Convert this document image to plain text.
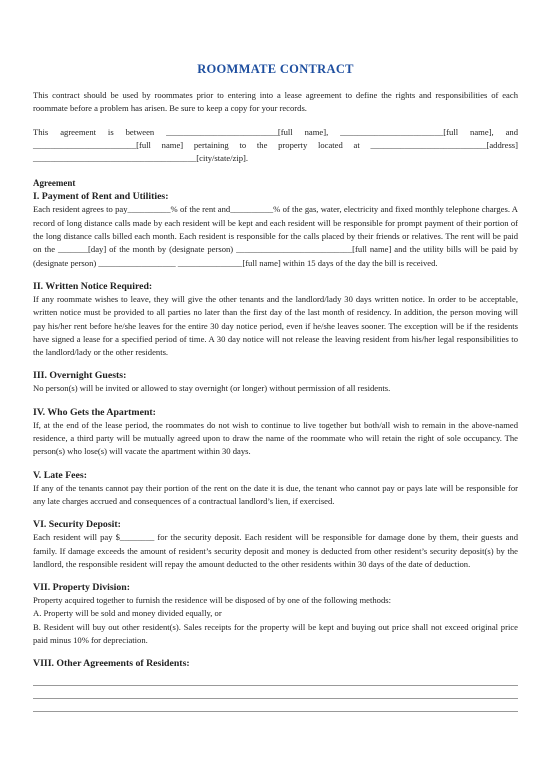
ROOMMATE CONTRACT

This contract should be used by roommates prior to entering into a lease agreement to define the rights and responsibilities of each roommate before a problem has arisen. Be sure to keep a copy for your records.

This agreement is between __________________________[full name], ________________________[full name], and ________________________[full name] pertaining to the property located at ___________________________[address] ______________________________________[city/state/zip].

Agreement
I. Payment of Rent and Utilities:

Each resident agrees to pay__________% of the rent and__________% of the gas, water, electricity and fixed monthly telephone charges. A record of long distance calls made by each resident will be kept and each resident will be responsible for prompt payment of their portion of the long distance calls billed each month. Each resident is responsible for the calls placed by their friends or relatives. The rent will be paid on the _______[day] of the month by (designate person) ___________________________[full name] and the utility bills will be paid by (designate person) __________________ _______________[full name] within 15 days of the day the bill is received.

II. Written Notice Required:

If any roommate wishes to leave, they will give the other tenants and the landlord/lady 30 days written notice. In order to be acceptable, written notice must be provided to all parties no later than the first day of the last month of residency. In addition, the person moving will pay his/her rent before he/she leaves for the entire 30 day notice period, even if he/she leaves sooner. The exception will be if the residents have signed a lease for a specified period of time. A 30 day notice will not release the leaving resident from his/her legal responsibilities to the landlord/lady or the other residents.

III. Overnight Guests:

No person(s) will be invited or allowed to stay overnight (or longer) without permission of all residents.

IV. Who Gets the Apartment:

If, at the end of the lease period, the roommates do not wish to continue to live together but both/all wish to remain in the above-named residence, a third party will be mutually agreed upon to draw the name of the roommate who will retain the right of sole occupancy. The person(s) who lose(s) will vacate the apartment within 30 days.

V. Late Fees:

If any of the tenants cannot pay their portion of the rent on the date it is due, the tenant who cannot pay or pays late will be responsible for any late charges accrued and consequences of a contractual landlord’s lien, if exercised.

VI. Security Deposit:

Each resident will pay $________ for the security deposit. Each resident will be responsible for damage done by them, their guests and family. If damage exceeds the amount of resident’s security deposit and money is deducted from other resident’s security deposit(s) by the landlord, the responsible resident will repay the amount deducted to the other residents within 30 days of the date of deduction.

VII. Property Division:

Property acquired together to furnish the residence will be disposed of by one of the following methods:

A. Property will be sold and money divided equally, or

B. Resident will buy out other resident(s). Sales receipts for the property will be kept and buying out price shall not exceed original price paid minus 10% for depreciation.

VIII. Other Agreements of Residents:
